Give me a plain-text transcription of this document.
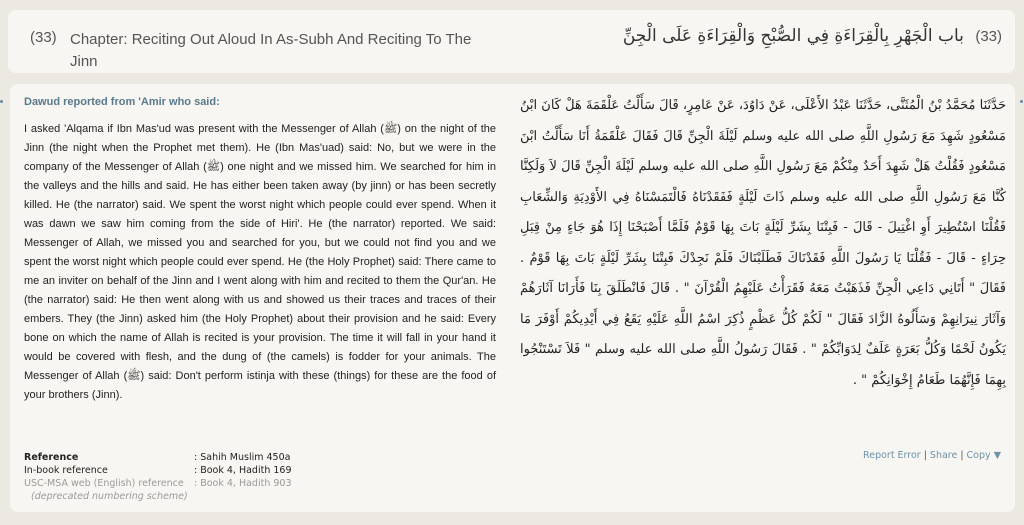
(33) Chapter: Reciting Out Aloud In As-Subh And Reciting To The Jinn
(33) باب الْجَهْرِ بِالْقِرَاءَةِ فِي الصُّبْحِ وَالْقِرَاءَةِ عَلَى الْجِنِّ
Dawud reported from 'Amir who said:
I asked 'Alqama if Ibn Mas'ud was present with the Messenger of Allah (ﷺ) on the night of the Jinn (the night when the Prophet met them). He (Ibn Mas'uad) said: No, but we were in the company of the Messenger of Allah (ﷺ) one night and we missed him. We searched for him in the valleys and the hills and said. He has either been taken away (by jinn) or has been secretly killed. He (the narrator) said. We spent the worst night which people could ever spend. When it was dawn we saw him coming from the side of Hiri'. He (the narrator) reported. We said: Messenger of Allah, we missed you and searched for you, but we could not find you and we spent the worst night which people could ever spend. He (the Holy Prophet) said: There came to me an inviter on behalf of the Jinn and I went along with him and recited to them the Qur'an. He (the narrator) said: He then went along with us and showed us their traces and traces of their embers. They (the Jinn) asked him (the Holy Prophet) about their provision and he said: Every bone on which the name of Allah is recited is your provision. The time it will fall in your hand it would be covered with flesh, and the dung of (the camels) is fodder for your animals. The Messenger of Allah (ﷺ) said: Don't perform istinja with these (things) for these are the food of your brothers (Jinn).
حَدَّثَنَا مُحَمَّدُ بْنُ الْمُثَنَّى، حَدَّثَنَا عَبْدُ الأَعْلَى، عَنْ دَاوُدَ، عَنْ عَامِرٍ، قَالَ سَأَلْتُ عَلْقَمَةَ هَلْ كَانَ ابْنُ مَسْعُودٍ شَهِدَ مَعَ رَسُولِ اللَّهِ صلى الله عليه وسلم لَيْلَةَ الْجِنِّ قَالَ فَقَالَ عَلْقَمَةُ أَنَا سَأَلْتُ ابْنَ مَسْعُودٍ فَقُلْتُ هَلْ شَهِدَ أَحَدٌ مِنْكُمْ مَعَ رَسُولِ اللَّهِ صلى الله عليه وسلم لَيْلَةَ الْجِنِّ قَالَ لاَ وَلَكِنَّا كُنَّا مَعَ رَسُولِ اللَّهِ صلى الله عليه وسلم ذَاتَ لَيْلَةٍ فَفَقَدْنَاهُ فَالْتَمَسْنَاهُ فِي الأَوْدِيَةِ وَالشِّعَابِ فَقُلْنَا اسْتُطِيرَ أَوِ اغْتِيلَ - قَالَ - فَبِتْنَا بِشَرِّ لَيْلَةٍ بَاتَ بِهَا قَوْمٌ فَلَمَّا أَصْبَحْنَا إِذَا هُوَ جَاءٍ مِنْ قِبَلِ حِرَاءٍ - قَالَ - فَقُلْنَا يَا رَسُولَ اللَّهِ فَقَدْنَاكَ فَطَلَبْنَاكَ فَلَمْ نَجِدْكَ فَبِتْنَا بِشَرِّ لَيْلَةٍ بَاتَ بِهَا قَوْمٌ . فَقَالَ " أَتَانِي دَاعِي الْجِنِّ فَذَهَبْتُ مَعَهُ فَقَرَأْتُ عَلَيْهِمُ الْقُرْآنَ " . قَالَ فَانْطَلَقَ بِنَا فَأَرَانَا آثَارَهُمْ وَآثَارَ نِيرَانِهِمْ وَسَأَلُوهُ الزَّادَ فَقَالَ " لَكُمْ كُلُّ عَظْمٍ ذُكِرَ اسْمُ اللَّهِ عَلَيْهِ يَقَعُ فِي أَيْدِيكُمْ أَوْفَرَ مَا يَكُونُ لَحْمًا وَكُلُّ بَعَرَةٍ عَلَفٌ لِدَوَابِّكُمْ " . فَقَالَ رَسُولُ اللَّهِ صلى الله عليه وسلم " فَلاَ تَسْتَنْجُوا بِهِمَا فَإِنَّهُمَا طَعَامُ إِخْوَانِكُمْ " .
Reference	: Sahih Muslim 450a
In-book reference	: Book 4, Hadith 169
USC-MSA web (English) reference	: Book 4, Hadith 903
(deprecated numbering scheme)	
Report Error | Share | Copy ▼
